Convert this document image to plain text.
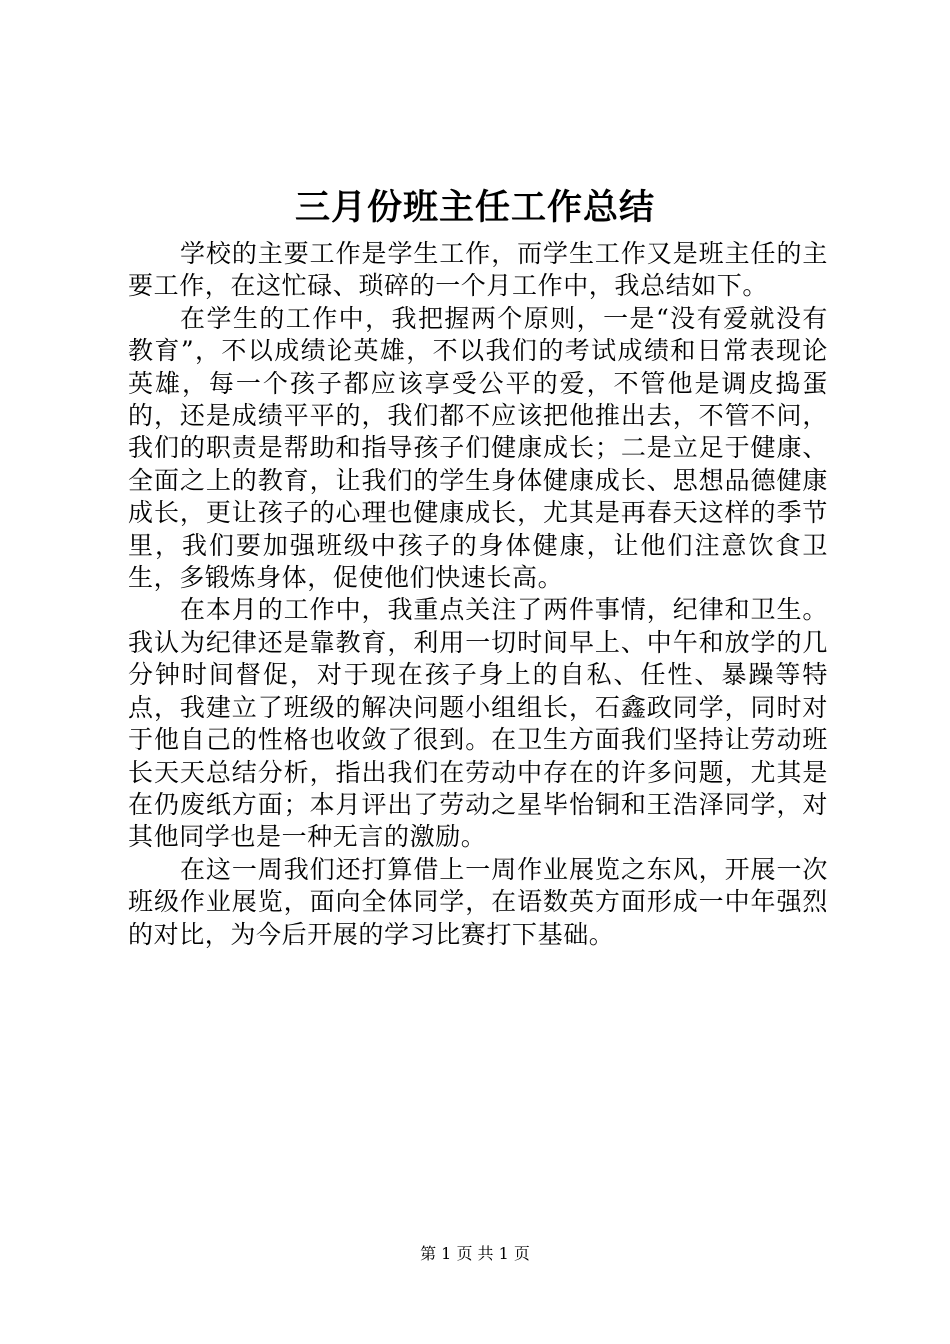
三月份班主任工作总结

学校的主要工作是学生工作，而学生工作又是班主任的主要工作，在这忙碌、琐碎的一个月工作中，我总结如下。

在学生的工作中，我把握两个原则，一是“没有爱就没有教育”，不以成绩论英雄，不以我们的考试成绩和日常表现论英雄，每一个孩子都应该享受公平的爱，不管他是调皮捣蛋的，还是成绩平平的，我们都不应该把他推出去，不管不问，我们的职责是帮助和指导孩子们健康成长；二是立足于健康、全面之上的教育，让我们的学生身体健康成长、思想品德健康成长，更让孩子的心理也健康成长，尤其是再春天这样的季节里，我们要加强班级中孩子的身体健康，让他们注意饮食卫生，多锻炼身体，促使他们快速长高。

在本月的工作中，我重点关注了两件事情，纪律和卫生。我认为纪律还是靠教育，利用一切时间早上、中午和放学的几分钟时间督促，对于现在孩子身上的自私、任性、暴躁等特点，我建立了班级的解决问题小组组长，石鑫政同学，同时对于他自己的性格也收敛了很到。在卫生方面我们坚持让劳动班长天天总结分析，指出我们在劳动中存在的许多问题，尤其是在仍废纸方面；本月评出了劳动之星毕怡铜和王浩泽同学，对其他同学也是一种无言的激励。

在这一周我们还打算借上一周作业展览之东风，开展一次班级作业展览，面向全体同学，在语数英方面形成一中年强烈的对比，为今后开展的学习比赛打下基础。

第 1 页 共 1 页
